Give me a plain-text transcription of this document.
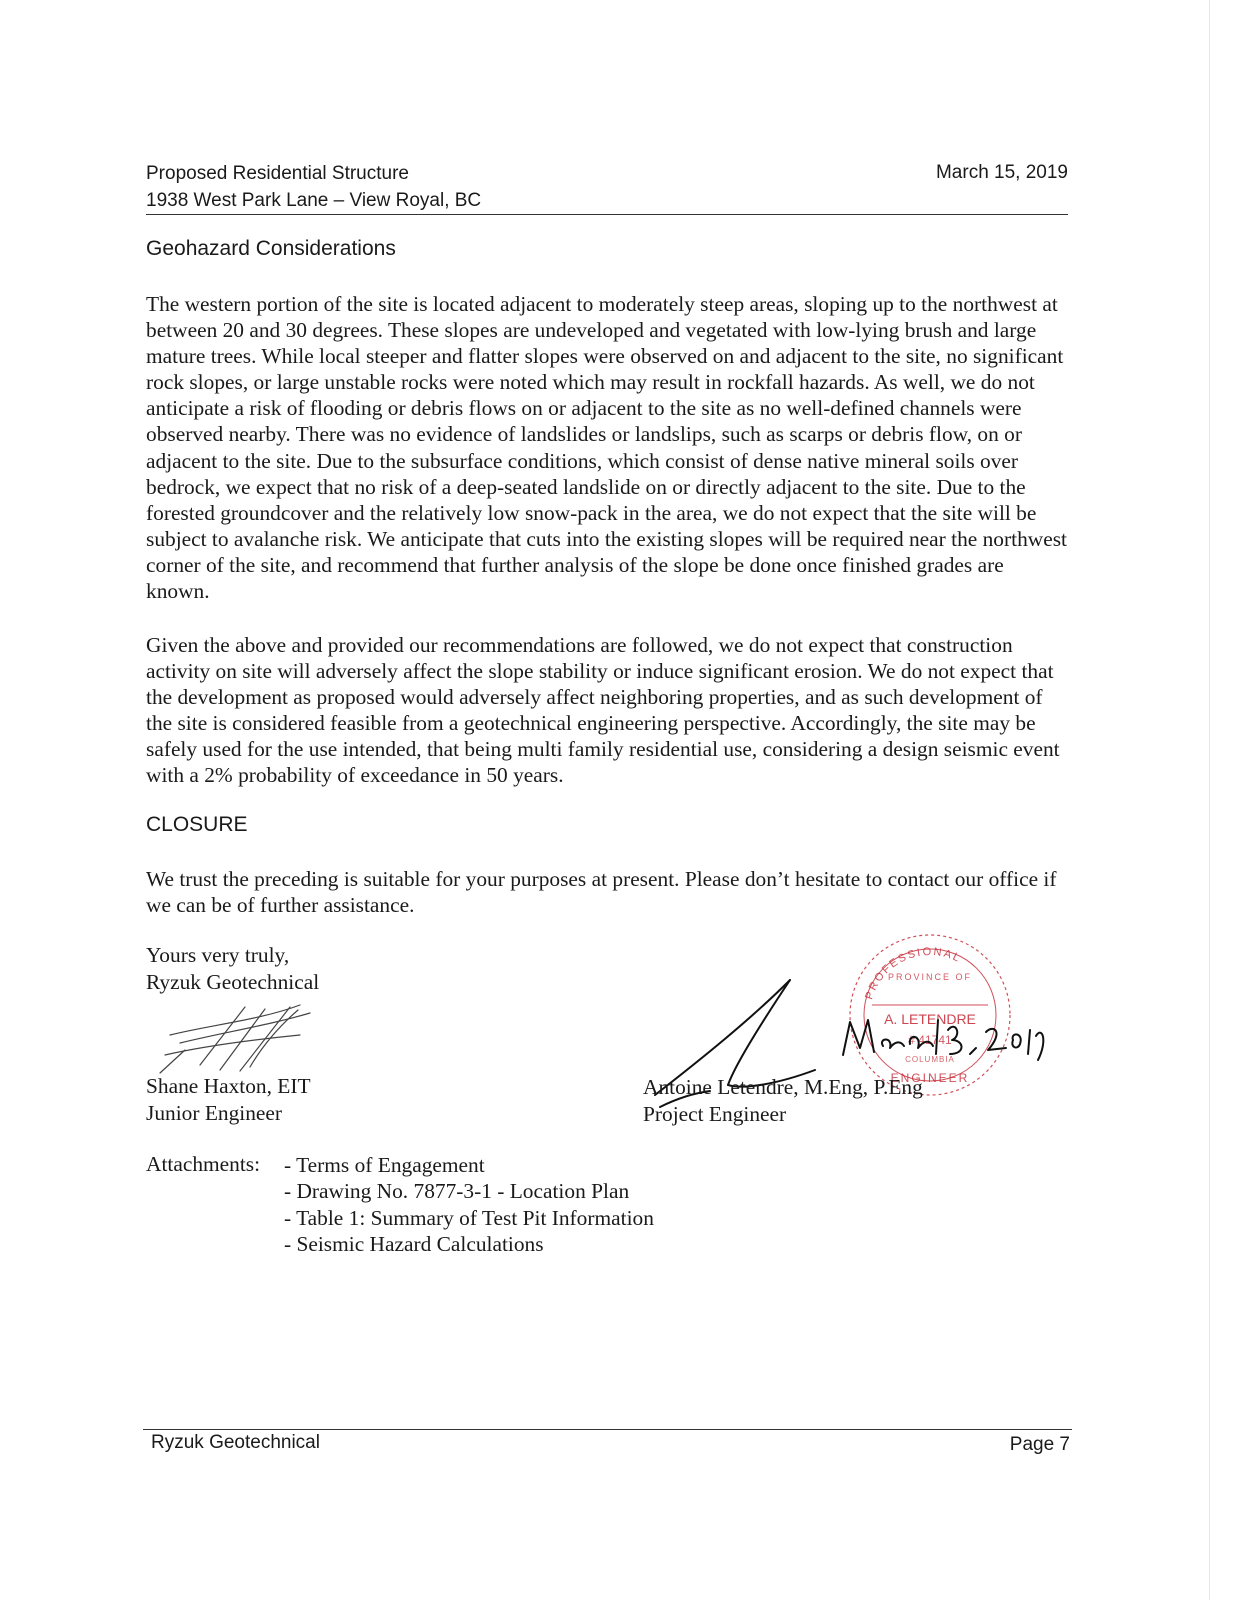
Proposed Residential Structure
1938 West Park Lane – View Royal, BC
March 15, 2019
Geohazard Considerations

The western portion of the site is located adjacent to moderately steep areas, sloping up to the northwest at between 20 and 30 degrees. These slopes are undeveloped and vegetated with low-lying brush and large mature trees. While local steeper and flatter slopes were observed on and adjacent to the site, no significant rock slopes, or large unstable rocks were noted which may result in rockfall hazards. As well, we do not anticipate a risk of flooding or debris flows on or adjacent to the site as no well-defined channels were observed nearby. There was no evidence of landslides or landslips, such as scarps or debris flow, on or adjacent to the site. Due to the subsurface conditions, which consist of dense native mineral soils over bedrock, we expect that no risk of a deep-seated landslide on or directly adjacent to the site. Due to the forested groundcover and the relatively low snow-pack in the area, we do not expect that the site will be subject to avalanche risk. We anticipate that cuts into the existing slopes will be required near the northwest corner of the site, and recommend that further analysis of the slope be done once finished grades are known.

Given the above and provided our recommendations are followed, we do not expect that construction activity on site will adversely affect the slope stability or induce significant erosion. We do not expect that the development as proposed would adversely affect neighboring properties, and as such development of the site is considered feasible from a geotechnical engineering perspective. Accordingly, the site may be safely used for the use intended, that being multi family residential use, considering a design seismic event with a 2% probability of exceedance in 50 years.

CLOSURE

We trust the preceding is suitable for your purposes at present. Please don’t hesitate to contact our office if we can be of further assistance.

Yours very truly,
Ryzuk Geotechnical
PROFESSIONAL
PROVINCE OF
A. LETENDRE
# 41741
COLUMBIA
ENGINEER
Shane Haxton, EIT
Junior Engineer
Antoine Letendre, M.Eng, P.Eng
Project Engineer
Attachments: - Terms of Engagement
- Drawing No. 7877-3-1 - Location Plan
- Table 1: Summary of Test Pit Information
- Seismic Hazard Calculations
Ryzuk Geotechnical	Page 7
